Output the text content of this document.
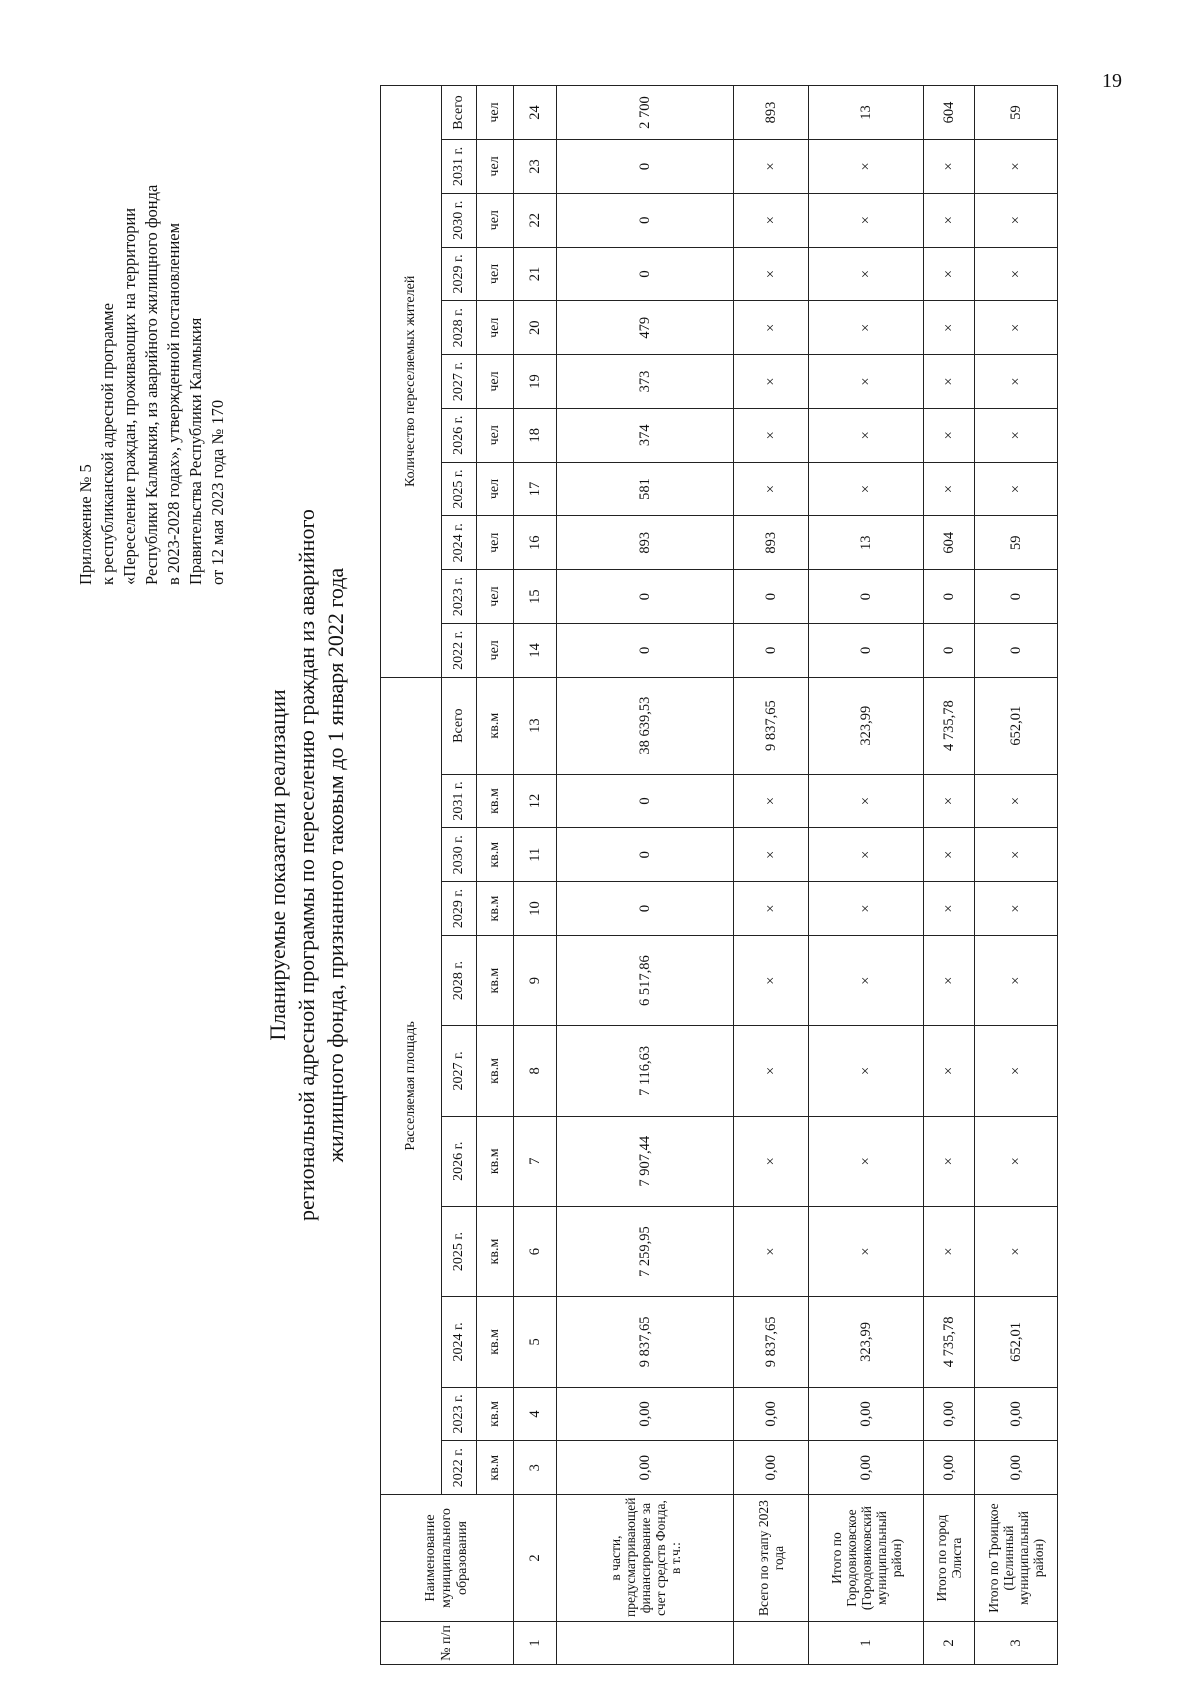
Приложение № 5 к республиканской адресной программе «Переселение граждан, проживающих на территории Республики Калмыкия, из аварийного жилищного фонда в 2023-2028 годах», утвержденной постановлением Правительства Республики Калмыкия от 12 мая 2023 года № 170
Планируемые показатели реализации региональной адресной программы по переселению граждан из аварийного жилищного фонда, признанного таковым до 1 января 2022 года
№ п/п	Наименование муниципального образования	Расселяемая площадь											Количество переселяемых жителей										
		2022 г.	2023 г.	2024 г.	2025 г.	2026 г.	2027 г.	2028 г.	2029 г.	2030 г.	2031 г.	Всего	2022 г.	2023 г.	2024 г.	2025 г.	2026 г.	2027 г.	2028 г.	2029 г.	2030 г.	2031 г.	Всего
		кв.м	кв.м	кв.м	кв.м	кв.м	кв.м	кв.м	кв.м	кв.м	кв.м	кв.м	чел	чел	чел	чел	чел	чел	чел	чел	чел	чел	чел
1	2	3	4	5	6	7	8	9	10	11	12	13	14	15	16	17	18	19	20	21	22	23	24
	в части, предусматривающей финансирование за счет средств Фонда, в т.ч.:	0,00	0,00	9 837,65	7 259,95	7 907,44	7 116,63	6 517,86	0	0	0	38 639,53	0	0	893	581	374	373	479	0	0	0	2 700
	Всего по этапу 2023 года	0,00	0,00	9 837,65	×	×	×	×	×	×	×	9 837,65	0	0	893	×	×	×	×	×	×	×	893
1	Итого по Городовиковское (Городовиковский муниципальный район)	0,00	0,00	323,99	×	×	×	×	×	×	×	323,99	0	0	13	×	×	×	×	×	×	×	13
2	Итого по город Элиста	0,00	0,00	4 735,78	×	×	×	×	×	×	×	4 735,78	0	0	604	×	×	×	×	×	×	×	604
3	Итого по Троицкое (Целинный муниципальный район)	0,00	0,00	652,01	×	×	×	×	×	×	×	652,01	0	0	59	×	×	×	×	×	×	×	59
19
